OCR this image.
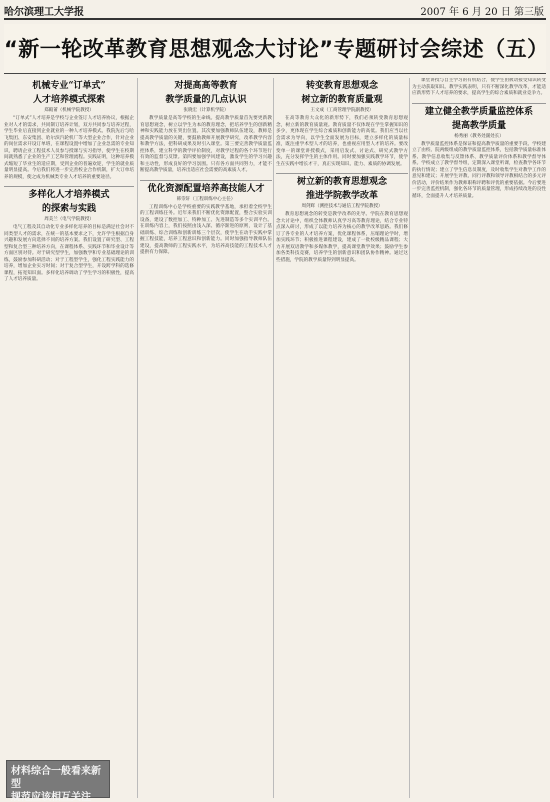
哈尔滨理工大学报	2007 年 6 月 20 日 第三版
“新一轮改革教育思想观念大讨论”专题研讨会综述（五）
机械专业“订单式”
人才培养模式探索
郑殿莆（机械学院教授）
“订单式”人才培养是学校与企业签订人才培养协议，根据企业对人才的需求，共同制订培养计划，双方共同参与培养过程，学生毕业后直接到企业就业的一种人才培养模式。我院先后与哈飞集团、东安集团、哈尔滨汽轮机厂等大型企业合作，针对企业的岗位需求开设订单班，在课程设置中增加了企业急需的专业知识，聘请企业工程技术人员参与授课与实习指导，使学生在校期间就熟悉了企业的生产工艺和管理流程。实践证明，这种培养模式缩短了毕业生的适应期，受到企业的普遍欢迎，学生的就业质量明显提高。今后我们将进一步完善校企合作机制，扩大订单培养的规模，使之成为机械类专业人才培养的重要途径。
多样化人才培养模式
的探索与实践
周美兰（电气学院教授）
电气工程及其自动化专业多样化培养的目标是满足社会对不同类型人才的需求，在统一的基本要求之下，允许学生根据自身兴趣和发展方向选择不同的培养方案。我们设置了研究型、工程型和复合型三种培养方向，在课程体系、实践环节和毕业设计等方面区别对待。对于研究型学生，加强数学和专业基础理论的训练，鼓励参加科研活动；对于工程型学生，强化工程实践能力的培养，增加企业实习时间；对于复合型学生，开设跨学科的选修课程，拓宽知识面。多样化培养调动了学生学习的积极性，提高了人才培养质量。
对提高高等教育
教学质量的几点认识
张晓宏（计算机学院）
教学质量是高等学校的生命线。提高教学质量首先要更新教育思想观念，树立以学生为本的教育理念，把培养学生的创新精神和实践能力放在突出位置。其次要加强教师队伍建设，教师是提高教学质量的关键，要鼓励教师开展教学研究，改革教学内容和教学方法，把科研成果及时引入课堂。第三要完善教学质量监控体系，建立科学的教学评价制度，对教学过程的各个环节进行有效的监督与反馈。第四要加强学风建设，激发学生的学习兴趣和主动性，形成良好的学习氛围。只有各方面共同努力，才能不断提高教学质量，培养出适应社会需要的高素质人才。
优化资源配置培养高技能人才
韩崇轩（工程训练中心主任）
工程训练中心是学校重要的实践教学基地，承担着全校学生的工程训练任务。近年来我们不断优化资源配置，整合实验实训设备，建设了数控加工、特种加工、先进制造等多个实训平台。在训练内容上，我们按照由浅入深、循序渐进的原则，设计了基础训练、综合训练和创新训练三个层次，使学生在动手实践中掌握工程技能，培养工程意识和创新能力。同时加强指导教师队伍建设，提高教师的工程实践水平，为培养高技能的工程技术人才提供有力保障。
转变教育思想观念
树立新的教育质量观
王文成（工商管理学院副教授）
在高等教育大众化的新形势下，我们必须转变教育思想观念，树立新的教育质量观。教育质量不仅体现在学生掌握知识的多少，更体现在学生综合素质和创新能力的高低。我们应当以社会需求为导向，以学生全面发展为目标，建立多样化的质量标准，既注重学术型人才的培养，也重视应用型人才的培养。要改变单一的课堂讲授模式，采用启发式、讨论式、研究式教学方法，充分发挥学生的主体作用。同时要加强实践教学环节，使学生在实践中增长才干，真正实现知识、能力、素质的协调发展。
树立新的教育思想观念
推进学院教学改革
周剑辉（测控技术与通信工程学院教授）
教育思想观念的转变是教学改革的先导。学院在教育思想观念大讨论中，组织全体教师认真学习高等教育理论，结合专业特点深入研讨，形成了以能力培养为核心的教学改革思路。我们修订了各专业的人才培养方案，优化课程体系，压缩理论学时，增加实践环节；积极推进课程建设，建成了一批校级精品课程；大力开展双语教学和多媒体教学，提高课堂教学效果；鼓励学生参加各类科技竞赛，培养学生的创新意识和团队协作精神。通过这些措施，学院的教学质量得到明显提高。
课堂讲授与自主学习的有机结合，使学生由被动接受知识转变为主动获取知识。教学实践表明，只有不断深化教学改革，才能适应新形势下人才培养的要求，提高学生的综合素质和就业竞争力。
建立健全教学质量监控体系
提高教学质量
杨秀丽（教务处副处长）
教学质量监控体系是保证和提高教学质量的重要手段。学校建立了由校、院两级组成的教学质量监控体系，包括教学质量标准体系、教学信息收集与反馈体系、教学质量评价体系和教学督导体系。学校成立了教学督导组，定期深入课堂听课，检查教学各环节的执行情况；建立了学生信息员制度，及时收集学生对教学工作的意见和建议；开展学生评教、同行评教和领导评教相结合的多元评价活动，评价结果作为教师职称评聘和评优的重要依据。今后要进一步完善监控机制，强化各环节的质量管理，形成持续改进的良性循环，全面提升人才培养质量。
材料综合一般看来新型
规范应该相互关注
